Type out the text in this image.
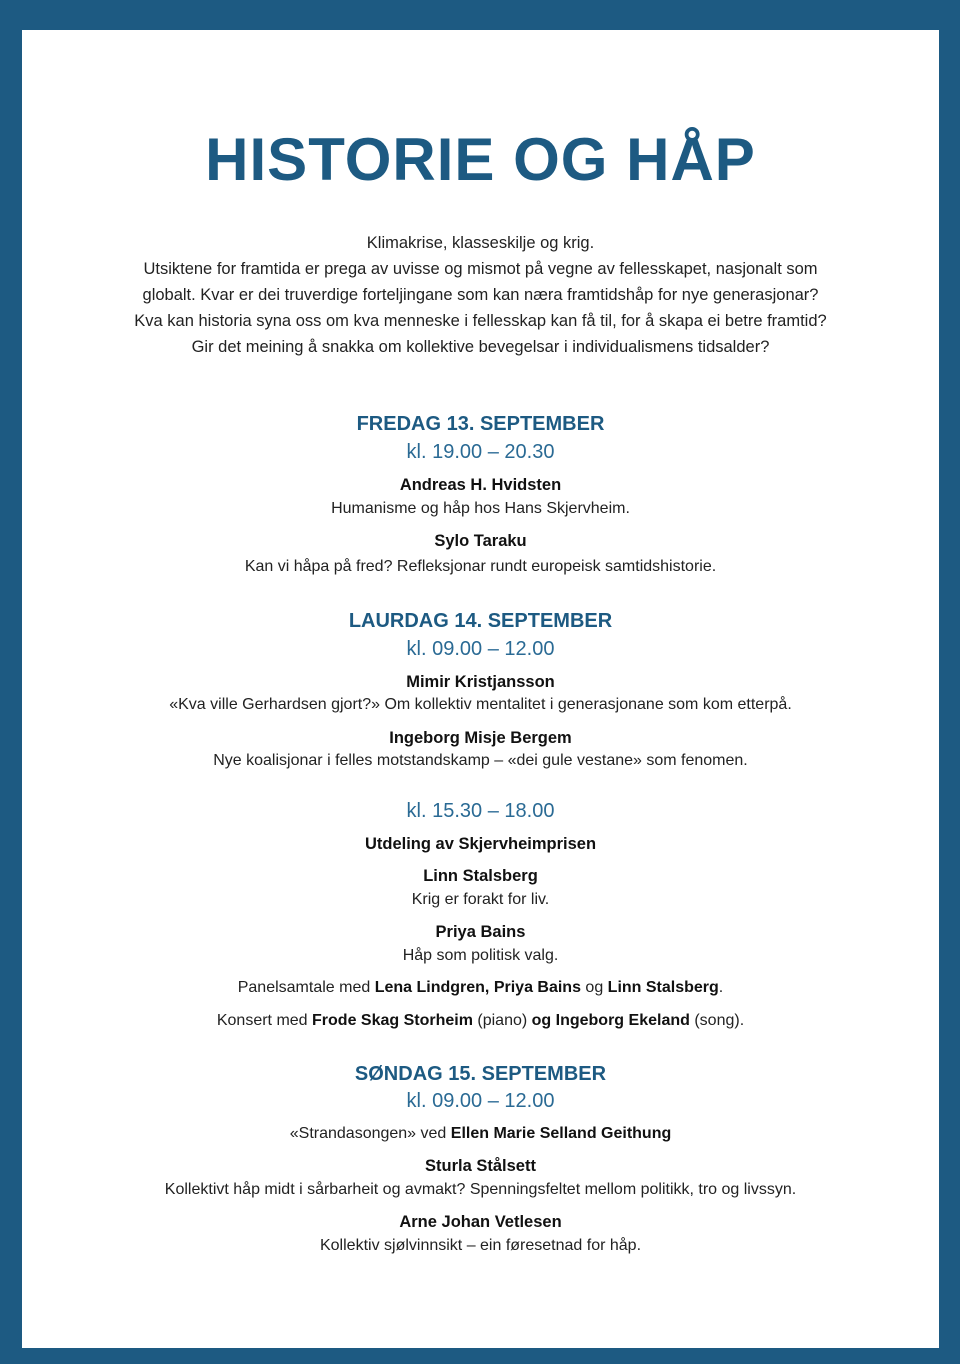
HISTORIE OG HÅP
Klimakrise, klasseskilje og krig.
Utsiktene for framtida er prega av uvisse og mismot på vegne av fellesskapet, nasjonalt som
globalt. Kvar er dei truverdige forteljingane som kan næra framtidshåp for nye generasjonar?
Kva kan historia syna oss om kva menneske i fellesskap kan få til, for å skapa ei betre framtid?
Gir det meining å snakka om kollektive bevegelsar i individualismens tidsalder?
FREDAG 13. SEPTEMBER
kl. 19.00 – 20.30
Andreas H. Hvidsten
Humanisme og håp hos Hans Skjervheim.
Sylo Taraku
Kan vi håpa på fred? Refleksjonar rundt europeisk samtidshistorie.
LAURDAG 14. SEPTEMBER
kl. 09.00 – 12.00
Mimir Kristjansson
«Kva ville Gerhardsen gjort?» Om kollektiv mentalitet i generasjonane som kom etterpå.
Ingeborg Misje Bergem
Nye koalisjonar i felles motstandskamp – «dei gule vestane» som fenomen.
kl. 15.30 – 18.00
Utdeling av Skjervheimprisen
Linn Stalsberg
Krig er forakt for liv.
Priya Bains
Håp som politisk valg.
Panelsamtale med Lena Lindgren, Priya Bains og Linn Stalsberg.
Konsert med Frode Skag Storheim (piano) og Ingeborg Ekeland (song).
SØNDAG 15. SEPTEMBER
kl. 09.00 – 12.00
«Strandasongen» ved Ellen Marie Selland Geithung
Sturla Stålsett
Kollektivt håp midt i sårbarheit og avmakt? Spenningsfeltet mellom politikk, tro og livssyn.
Arne Johan Vetlesen
Kollektiv sjølvinnsikt – ein føresetnad for håp.
